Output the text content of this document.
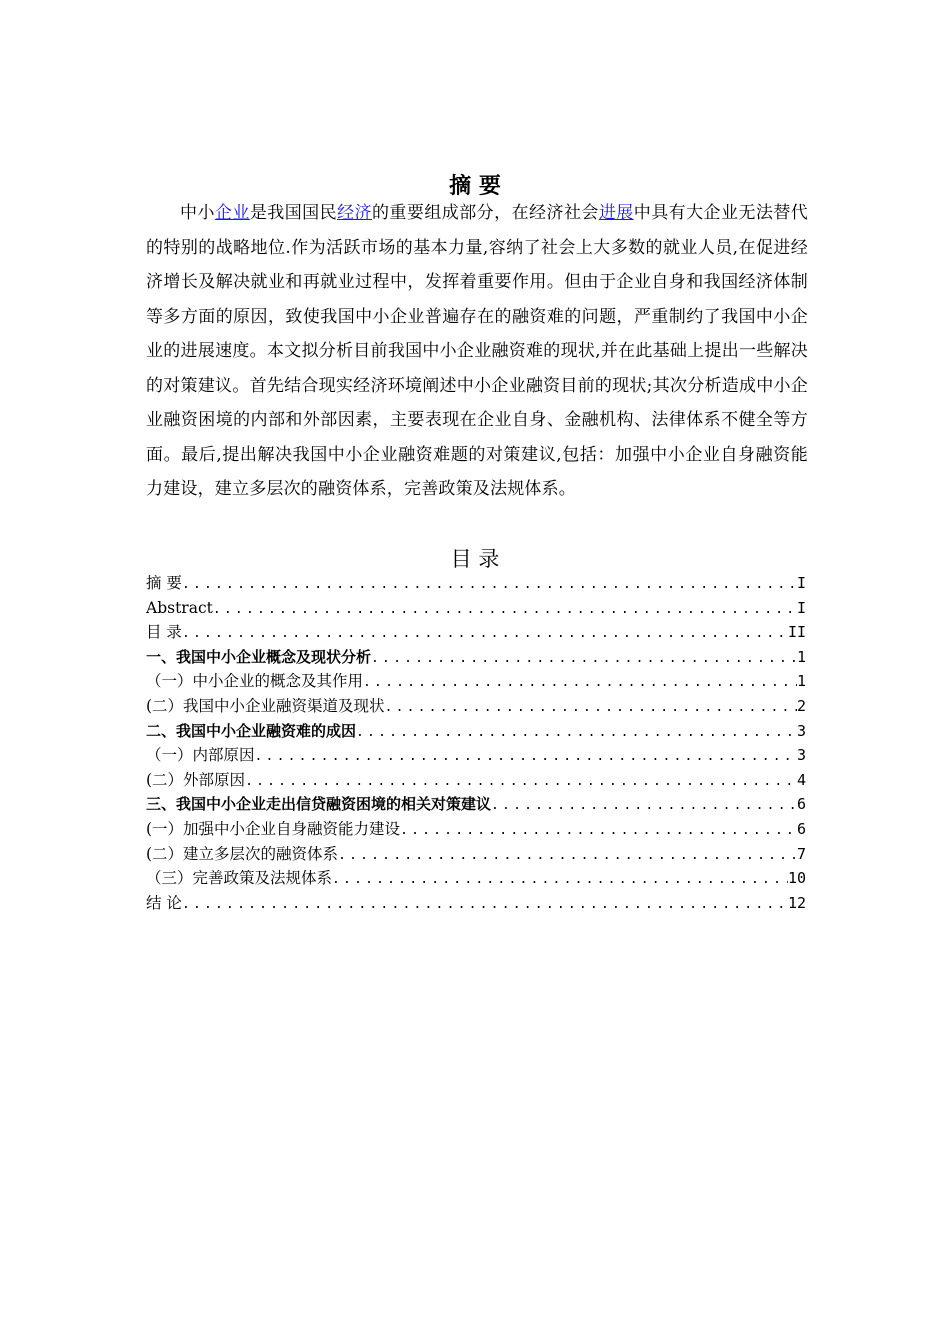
摘 要

中小企业是我国国民经济的重要组成部分，在经济社会进展中具有大企业无法替代的特别的战略地位.作为活跃市场的基本力量,容纳了社会上大多数的就业人员,在促进经济增长及解决就业和再就业过程中，发挥着重要作用。但由于企业自身和我国经济体制等多方面的原因，致使我国中小企业普遍存在的融资难的问题，严重制约了我国中小企业的进展速度。本文拟分析目前我国中小企业融资难的现状,并在此基础上提出一些解决的对策建议。首先结合现实经济环境阐述中小企业融资目前的现状;其次分析造成中小企业融资困境的内部和外部因素，主要表现在企业自身、金融机构、法律体系不健全等方面。最后,提出解决我国中小企业融资难题的对策建议,包括：加强中小企业自身融资能力建设，建立多层次的融资体系，完善政策及法规体系。

目 录
摘 要 .....	I
Abstract .....	I
目 录 .....	II
一、我国中小企业概念及现状分析 .....	1
（一）中小企业的概念及其作用 .....	1
(二）我国中小企业融资渠道及现状 .....	2
二、我国中小企业融资难的成因 .....	3
（一）内部原因 .....	3
(二）外部原因 .....	4
三、我国中小企业走出信贷融资困境的相关对策建议 .....	6
(一）加强中小企业自身融资能力建设 .....	6
(二）建立多层次的融资体系 .....	7
（三）完善政策及法规体系 .....	10
结 论 .....	12
